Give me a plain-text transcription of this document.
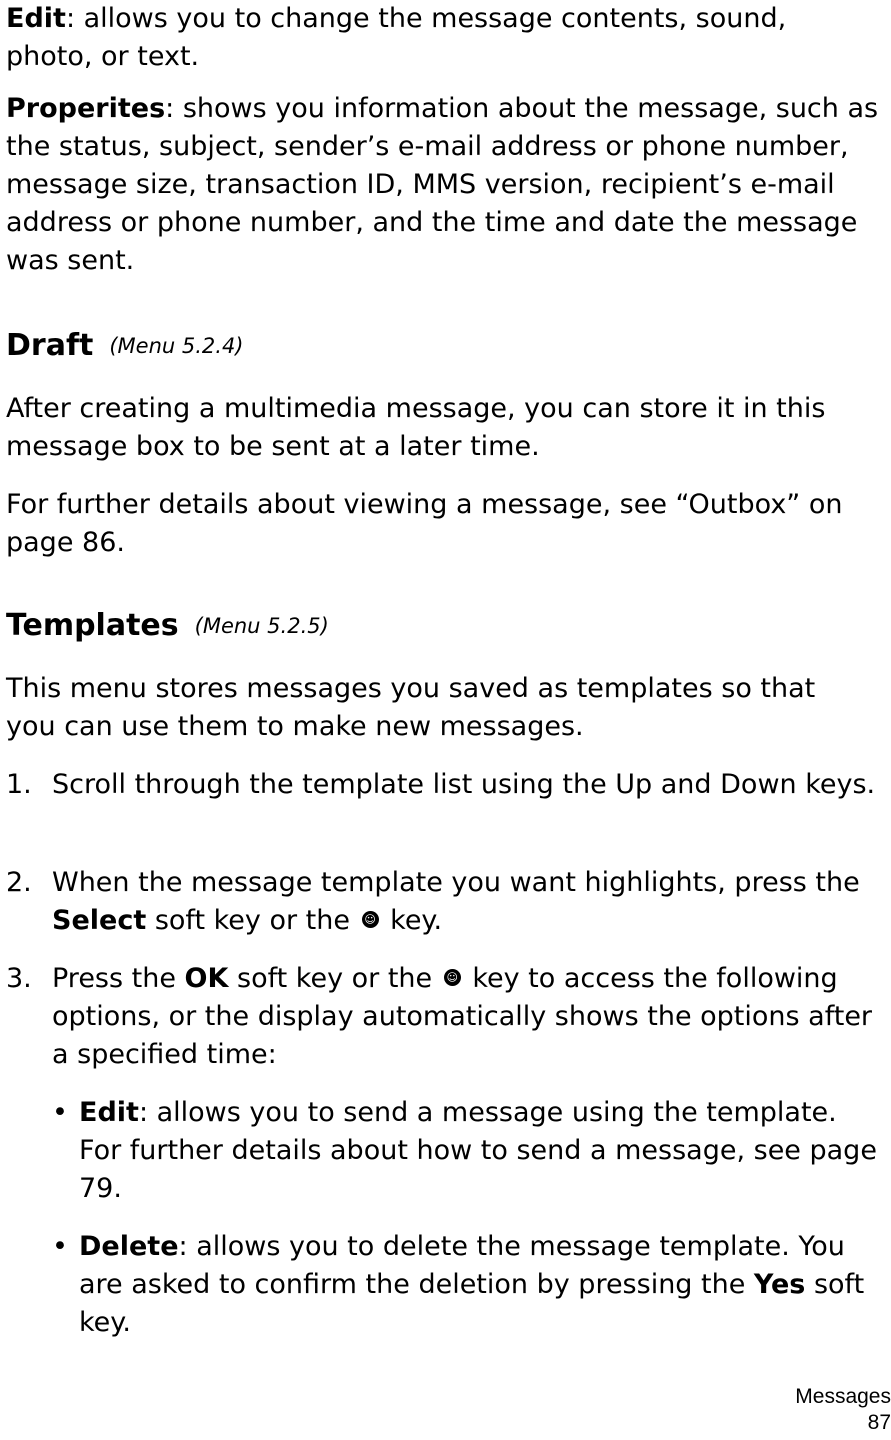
Edit: allows you to change the message contents, sound, photo, or text.

Properites: shows you information about the message, such as the status, subject, sender’s e-mail address or phone number, message size, transaction ID, MMS version, recipient’s e-mail address or phone number, and the time and date the message was sent.

Draft (Menu 5.2.4)

After creating a multimedia message, you can store it in this message box to be sent at a later time.

For further details about viewing a message, see “Outbox” on page 86.

Templates (Menu 5.2.5)

This menu stores messages you saved as templates so that you can use them to make new messages.

1. Scroll through the template list using the Up and Down keys.

2. When the message template you want highlights, press the Select soft key or the ☺ key.

3. Press the OK soft key or the ☺ key to access the following options, or the display automatically shows the options after a specified time:

• Edit: allows you to send a message using the template. For further details about how to send a message, see page 79.

• Delete: allows you to delete the message template. You are asked to confirm the deletion by pressing the Yes soft key.

Messages
87
